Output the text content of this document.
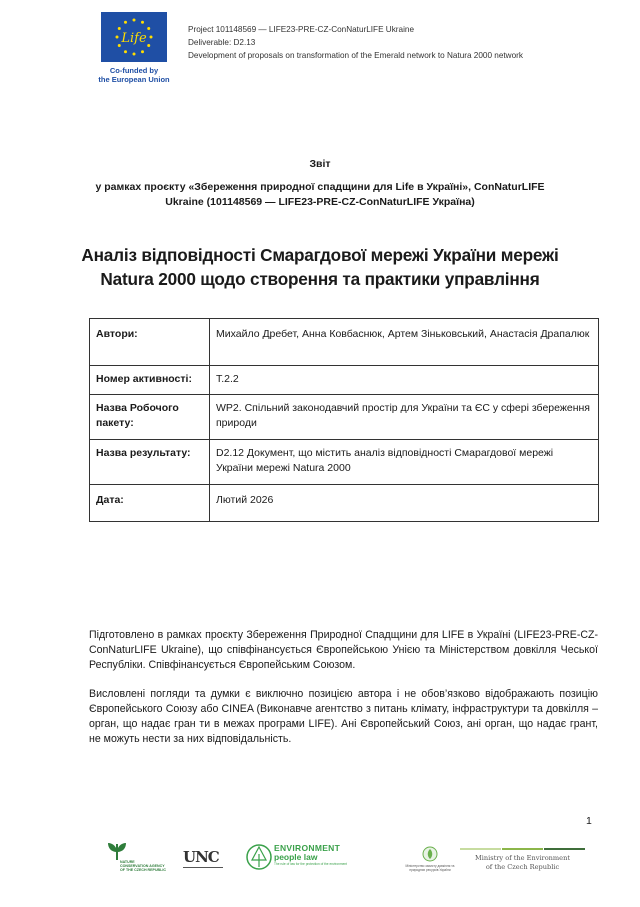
Life
Co-funded by
the European Union
Project 101148569 — LIFE23-PRE-CZ-ConNaturLIFE Ukraine
Deliverable: D2.13
Development of proposals on transformation of the Emerald network to Natura 2000 network
Звіт
у рамках проєкту «Збереження природної спадщини для Life в Україні», ConNaturLIFE
Ukraine (101148569 — LIFE23-PRE-CZ-ConNaturLIFE Україна)
Аналіз відповідності Смарагдової мережі України мережі
Natura 2000 щодо створення та практики управління
Автори:	Михайло Дребет, Анна Ковбаснюк, Артем Зіньковський, Анастасія Драпалюк
Номер активності:	T.2.2
Назва Робочого пакету:	WP2. Спільний законодавчий простір для України та ЄС у сфері збереження природи
Назва результату:	D2.12 Документ, що містить аналіз відповідності Смарагдової мережі України мережі Natura 2000
Дата:	Лютий 2026
Підготовлено в рамках проєкту Збереження Природної Спадщини для LIFE в Україні (LIFE23-PRE-CZ-ConNaturLIFE Ukraine), що співфінансується Європейською Унією та Міністерством довкілля Чеської Республіки. Співфінансується Європейським Союзом.
Висловлені погляди та думки є виключно позицією автора і не обов’язково відображають позицію Європейського Союзу або CINEA (Виконавче агентство з питань клімату, інфраструктури та довкілля – орган, що надає гран ти в межах програми LIFE). Ані Європейський Союз, ані орган, що надає грант, не можуть нести за них відповідальність.
1
NATURE
CONSERVATION AGENCY
OF THE CZECH REPUBLIC
UNC	ENVIRONMENT
people law
The rule of law for the protection of the environment	Міністерство захисту довкілля та природних ресурсів України
Ministry of the Environment
of the Czech Republic
